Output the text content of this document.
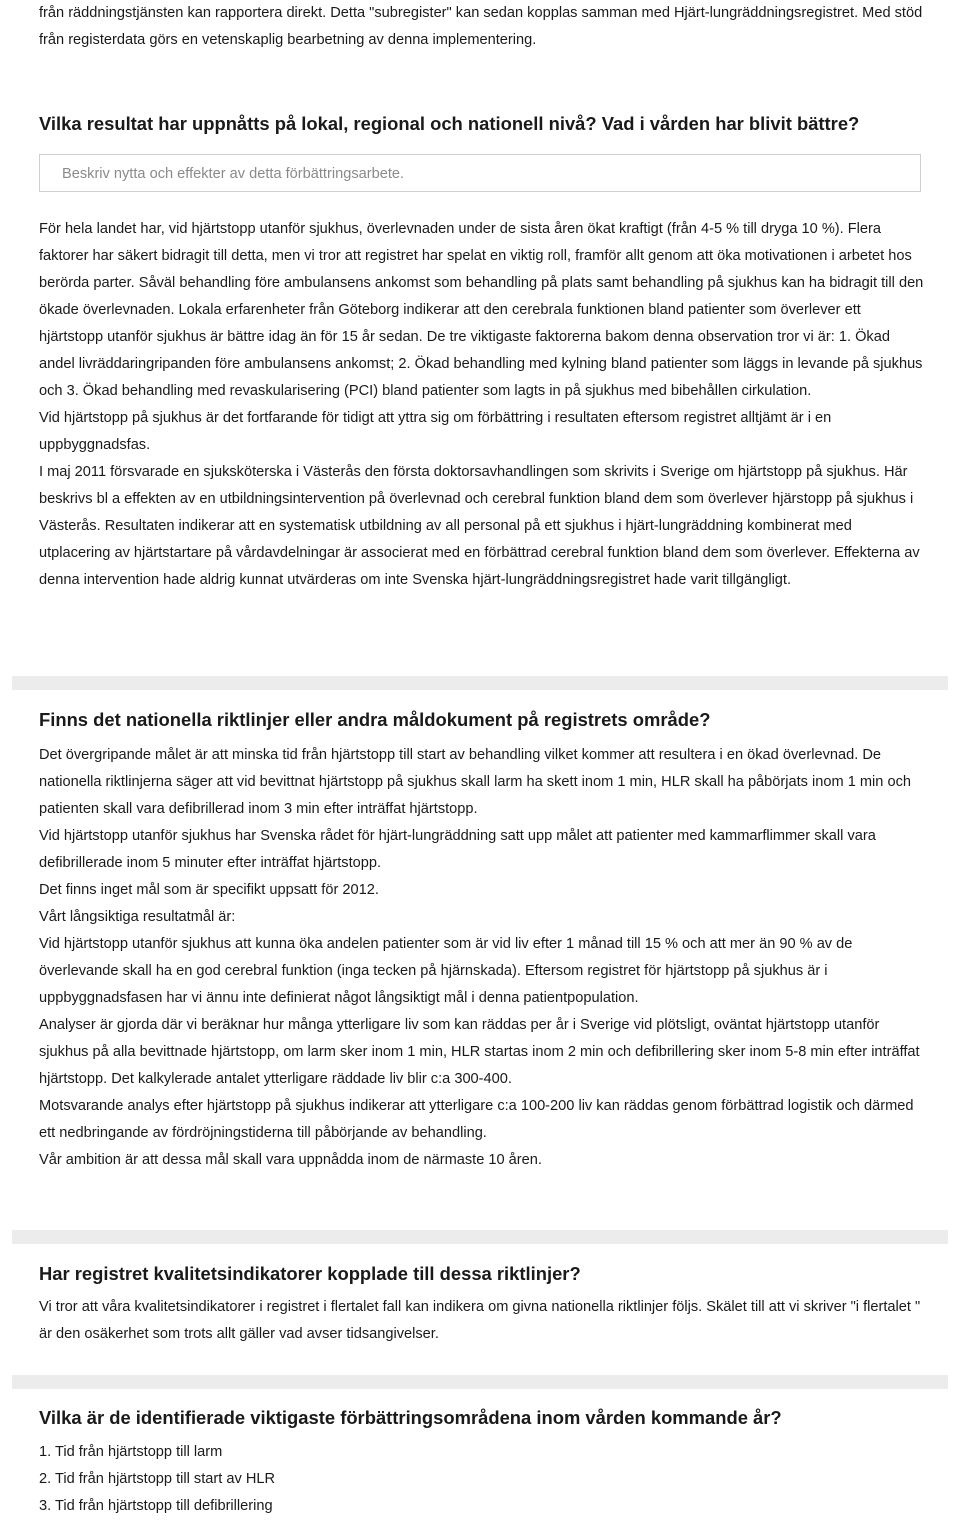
från räddningstjänsten kan rapportera direkt. Detta "subregister" kan sedan kopplas samman med Hjärt-lungräddningsregistret. Med stöd från registerdata görs en vetenskaplig bearbetning av denna implementering.

Vilka resultat har uppnåtts på lokal, regional och nationell nivå? Vad i vården har blivit bättre?
Beskriv nytta och effekter av detta förbättringsarbete.

För hela landet har, vid hjärtstopp utanför sjukhus, överlevnaden under de sista åren ökat kraftigt (från 4-5 % till dryga 10 %). Flera faktorer har säkert bidragit till detta, men vi tror att registret har spelat en viktig roll, framför allt genom att öka motivationen i arbetet hos berörda parter. Såväl behandling före ambulansens ankomst som behandling på plats samt behandling på sjukhus kan ha bidragit till den ökade överlevnaden. Lokala erfarenheter från Göteborg indikerar att den cerebrala funktionen bland patienter som överlever ett hjärtstopp utanför sjukhus är bättre idag än för 15 år sedan. De tre viktigaste faktorerna bakom denna observation tror vi är: 1. Ökad andel livräddaringripanden före ambulansens ankomst; 2. Ökad behandling med kylning bland patienter som läggs in levande på sjukhus och 3. Ökad behandling med revaskularisering (PCI) bland patienter som lagts in på sjukhus med bibehållen cirkulation.

Vid hjärtstopp på sjukhus är det fortfarande för tidigt att yttra sig om förbättring i resultaten eftersom registret alltjämt är i en uppbyggnadsfas.

I maj 2011 försvarade en sjuksköterska i Västerås den första doktorsavhandlingen som skrivits i Sverige om hjärtstopp på sjukhus. Här beskrivs bl a effekten av en utbildningsintervention på överlevnad och cerebral funktion bland dem som överlever hjärstopp på sjukhus i Västerås. Resultaten indikerar att en systematisk utbildning av all personal på ett sjukhus i hjärt-lungräddning kombinerat med utplacering av hjärtstartare på vårdavdelningar är associerat med en förbättrad cerebral funktion bland dem som överlever. Effekterna av denna intervention hade aldrig kunnat utvärderas om inte Svenska hjärt-lungräddningsregistret hade varit tillgängligt.

Finns det nationella riktlinjer eller andra måldokument på registrets område?

Det övergripande målet är att minska tid från hjärtstopp till start av behandling vilket kommer att resultera i en ökad överlevnad. De nationella riktlinjerna säger att vid bevittnat hjärtstopp på sjukhus skall larm ha skett inom 1 min, HLR skall ha påbörjats inom 1 min och patienten skall vara defibrillerad inom 3 min efter inträffat hjärtstopp.

Vid hjärtstopp utanför sjukhus har Svenska rådet för hjärt-lungräddning satt upp målet att patienter med kammarflimmer skall vara defibrillerade inom 5 minuter efter inträffat hjärtstopp.

Det finns inget mål som är specifikt uppsatt för 2012.

Vårt långsiktiga resultatmål är:

Vid hjärtstopp utanför sjukhus att kunna öka andelen patienter som är vid liv efter 1 månad till 15 % och att mer än 90 % av de överlevande skall ha en god cerebral funktion (inga tecken på hjärnskada). Eftersom registret för hjärtstopp på sjukhus är i uppbyggnadsfasen har vi ännu inte definierat något långsiktigt mål i denna patientpopulation.

Analyser är gjorda där vi beräknar hur många ytterligare liv som kan räddas per år i Sverige vid plötsligt, oväntat hjärtstopp utanför sjukhus på alla bevittnade hjärtstopp, om larm sker inom 1 min, HLR startas inom 2 min och defibrillering sker inom 5-8 min efter inträffat hjärtstopp. Det kalkylerade antalet ytterligare räddade liv blir c:a 300-400.

Motsvarande analys efter hjärtstopp på sjukhus indikerar att ytterligare c:a 100-200 liv kan räddas genom förbättrad logistik och därmed ett nedbringande av fördröjningstiderna till påbörjande av behandling.

Vår ambition är att dessa mål skall vara uppnådda inom de närmaste 10 åren.

Har registret kvalitetsindikatorer kopplade till dessa riktlinjer?

Vi tror att våra kvalitetsindikatorer i registret i flertalet fall kan indikera om givna nationella riktlinjer följs. Skälet till att vi skriver "i flertalet " är den osäkerhet som trots allt gäller vad avser tidsangivelser.

Vilka är de identifierade viktigaste förbättringsområdena inom vården kommande år?
1. Tid från hjärtstopp till larm
2. Tid från hjärtstopp till start av HLR
3. Tid från hjärtstopp till defibrillering
